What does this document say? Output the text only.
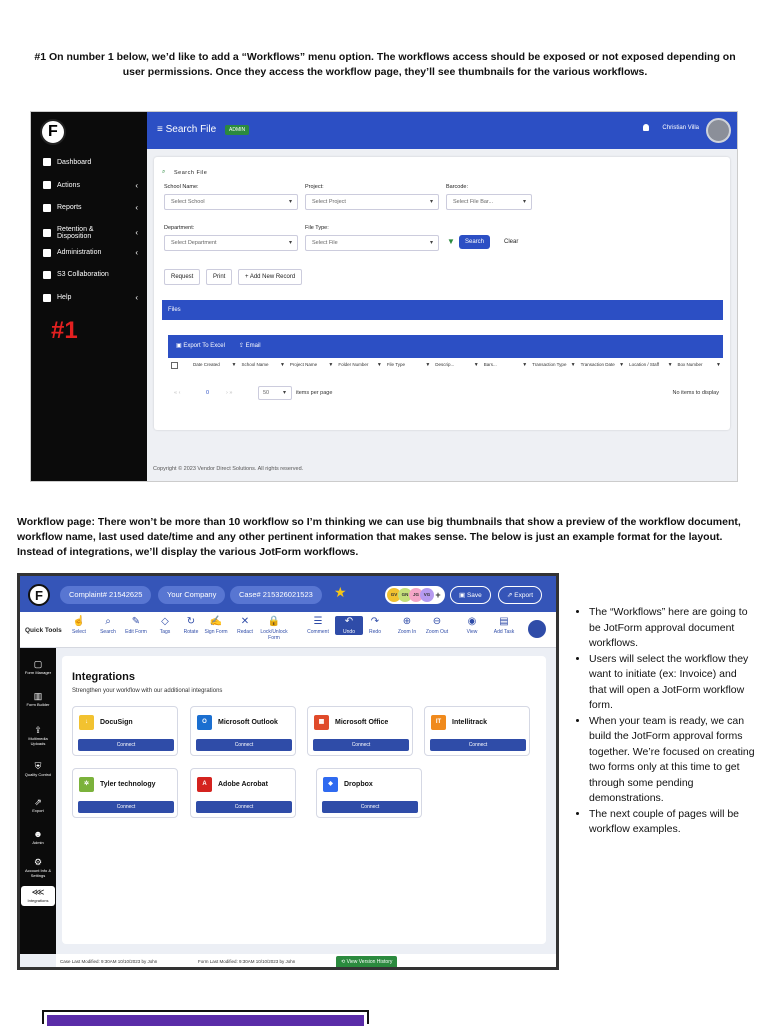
#1 On number 1 below, we’d like to add a “Workflows” menu option. The workflows access should be exposed or not exposed depending on user permissions. Once they access the workflow page, they’ll see thumbnails for the various workflows.
F
Dashboard
Actions	‹
Reports	‹
Retention & Disposition	‹
Administration	‹
S3 Collaboration
Help	‹
#1
≡ Search File	ADMIN	Christian Villa
⌕ Search File
School Name:
Select School	▾
Project:
Select Project	▾
Barcode:
Select File Bar...	▾
Department:
Select Department	▾
File Type:
Select File	▾ ▼	Search	Clear
Request	Print	+ Add New Record
Files
▣ Export To Excel ⇪ Email
Date Created ▼	School Name ▼	Project Name ▼	Folder Number ▼	File Type	▼	Descrip...	▼	Bars...	▼	Transaction Type ▼	Transaction Date ▼	Location / Staff ▼	Box Number	▼
« ‹	0	› »	50 ▾ items per page	No items to display
Copyright © 2023 Vendor Direct Solutions. All rights reserved.
Workflow page: There won’t be more than 10 workflow so I’m thinking we can use big thumbnails that show a preview of the workflow document, workflow name, last used date/time and any other pertinent information that makes sense. The below is just an example format for the layout. Instead of integrations, we’ll display the various JotForm workflows.
F	Complaint# 21542625	Your Company	Case# 215326021523	★	GV GN	JG	VG +	▣ Save	⇗ Export
Quick Tools
☝
Select
⌕
Search
✎
Edit Form
◇
Tags
↻
Rotate
✍
Sign Form
✕
Redact
🔒
Lock/Unlock Form
☰
Comment
↶
Undo
↷
Redo
⊕
Zoom In
⊖
Zoom Out
◉
View
▤
Add Task
▢
Form Manager
▥
Form Builder
⇪
Multimedia Uploads
⛨
Quality Control
⇗
Export
☻
Admin
⚙
Account Info & Settings
⋘
Integrations
Integrations
Strengthen your workflow with our additional integrations
↓	DocuSign
Connect
O	Microsoft Outlook
Connect
▦	Microsoft Office
Connect
IT	Intellitrack
Connect
✲	Tyler technology
Connect
A	Adobe Acrobat
Connect
◆	Dropbox
Connect
Case Last Modified: 9:30AM 10/10/2023 by John	Form Last Modified: 9:30AM 10/10/2023 by John	⟲ View Version History
• The “Workflows” here are going to be JotForm approval document workflows.
• Users will select the workflow they want to initiate (ex: Invoice) and that will open a JotForm workflow form.
• When your team is ready, we can build the JotForm approval forms together. We’re focused on creating two forms only at this time to get through some pending demonstrations.
• The next couple of pages will be workflow examples.
